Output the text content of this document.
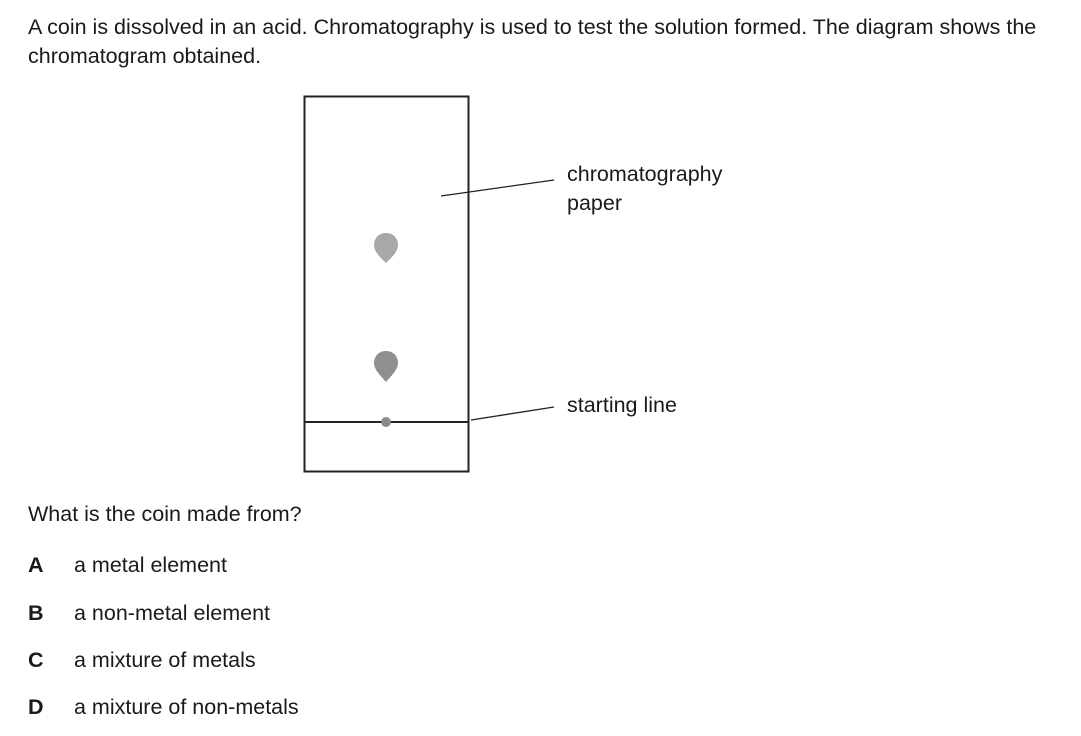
A coin is dissolved in an acid. Chromatography is used to test the solution formed. The diagram shows the chromatogram obtained.

chromatography
paper
starting line

What is the coin made from?

A a metal element
B a non-metal element
C a mixture of metals
D a mixture of non-metals
